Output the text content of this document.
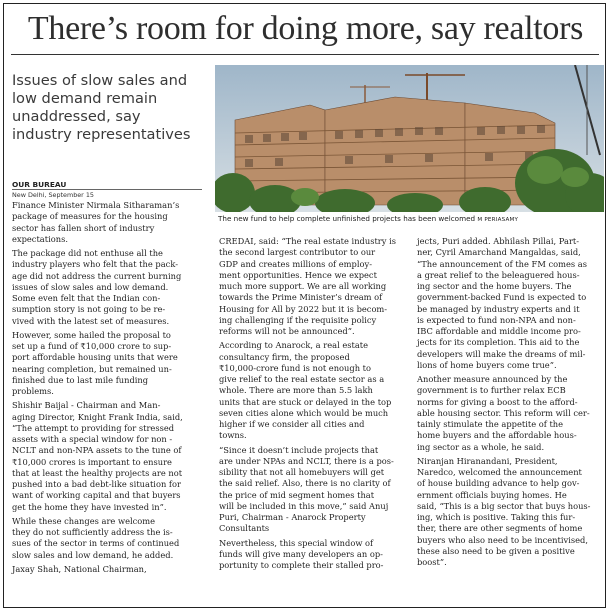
There’s room for doing more, say realtors
Issues of slow sales and
low demand remain
unaddressed, say
industry representatives
OUR BUREAU
New Delhi, September 15
The new fund to help complete unfinished projects has been welcomed M PERIASAMY
Finance Minister Nirmala Sitharaman’s
package of measures for the housing
sector has fallen short of industry
expectations.
The package did not enthuse all the
industry players who felt that the pack-
age did not address the current burning
issues of slow sales and low demand.
Some even felt that the Indian con-
sumption story is not going to be re-
vived with the latest set of measures.
However, some hailed the proposal to
set up a fund of ₹10,000 crore to sup-
port affordable housing units that were
nearing completion, but remained un-
finished due to last mile funding
problems.
Shishir Baijal - Chairman and Man-
aging Director, Knight Frank India, said,
“The attempt to providing for stressed
assets with a special window for non -
NCLT and non-NPA assets to the tune of
₹10,000 crores is important to ensure
that at least the healthy projects are not
pushed into a bad debt-like situation for
want of working capital and that buyers
get the home they have invested in”.
While these changes are welcome
they do not sufficiently address the is-
sues of the sector in terms of continued
slow sales and low demand, he added.
Jaxay Shah, National Chairman,
CREDAI, said: “The real estate industry is
the second largest contributor to our
GDP and creates millions of employ-
ment opportunities. Hence we expect
much more support. We are all working
towards the Prime Minister’s dream of
Housing for All by 2022 but it is becom-
ing challenging if the requisite policy
reforms will not be announced”.
According to Anarock, a real estate
consultancy firm, the proposed
₹10,000-crore fund is not enough to
give relief to the real estate sector as a
whole. There are more than 5.5 lakh
units that are stuck or delayed in the top
seven cities alone which would be much
higher if we consider all cities and
towns.
“Since it doesn’t include projects that
are under NPAs and NCLT, there is a pos-
sibility that not all homebuyers will get
the said relief. Also, there is no clarity of
the price of mid segment homes that
will be included in this move,” said Anuj
Puri, Chairman - Anarock Property
Consultants
Nevertheless, this special window of
funds will give many developers an op-
portunity to complete their stalled pro-
jects, Puri added. Abhilash Pillai, Part-
ner, Cyril Amarchand Mangaldas, said,
“The announcement of the FM comes as
a great relief to the beleaguered hous-
ing sector and the home buyers. The
government-backed Fund is expected to
be managed by industry experts and it
is expected to fund non-NPA and non-
IBC affordable and middle income pro-
jects for its completion. This aid to the
developers will make the dreams of mil-
lions of home buyers come true”.
Another measure announced by the
government is to further relax ECB
norms for giving a boost to the afford-
able housing sector. This reform will cer-
tainly stimulate the appetite of the
home buyers and the affordable hous-
ing sector as a whole, he said.
Niranjan Hiranandani, President,
Naredco, welcomed the announcement
of house building advance to help gov-
ernment officials buying homes. He
said, “This is a big sector that buys hous-
ing, which is positive. Taking this fur-
ther, there are other segments of home
buyers who also need to be incentivised,
these also need to be given a positive
boost”.
